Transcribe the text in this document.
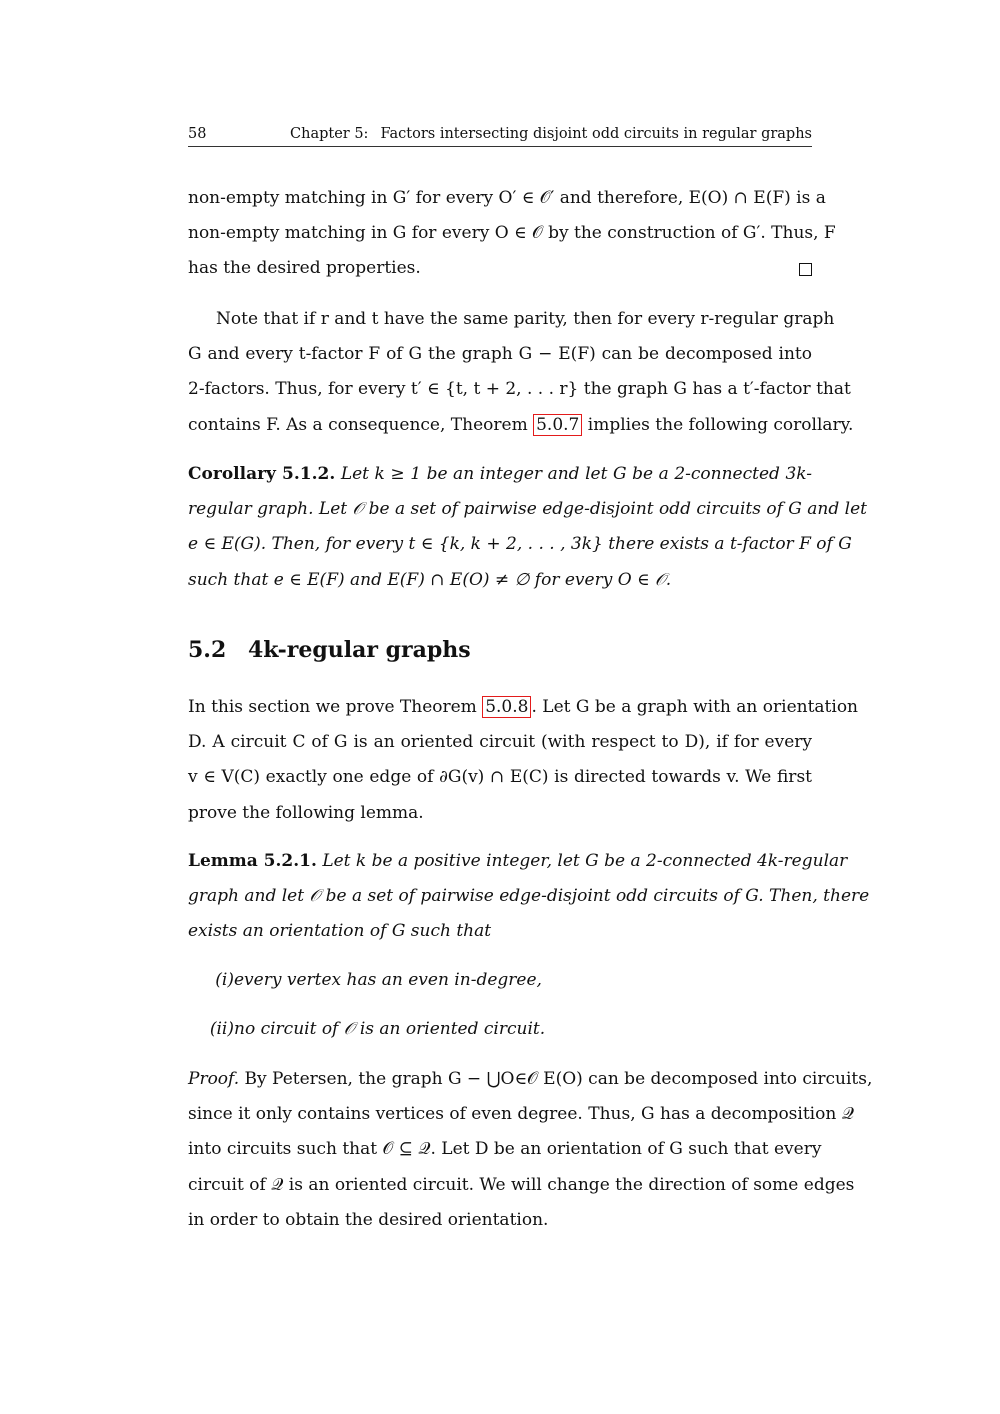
58	Chapter 5: Factors intersecting disjoint odd circuits in regular graphs
non-empty matching in G′ for every O′ ∈ 𝒪′ and therefore, E(O) ∩ E(F) is a
non-empty matching in G for every O ∈ 𝒪 by the construction of G′. Thus, F
has the desired properties.
Note that if r and t have the same parity, then for every r-regular graph
G and every t-factor F of G the graph G − E(F) can be decomposed into
2-factors. Thus, for every t′ ∈ {t, t + 2, . . . r} the graph G has a t′-factor that
contains F. As a consequence, Theorem 5.0.7 implies the following corollary.
Corollary 5.1.2. Let k ≥ 1 be an integer and let G be a 2-connected 3k-
regular graph. Let 𝒪 be a set of pairwise edge-disjoint odd circuits of G and let
e ∈ E(G). Then, for every t ∈ {k, k + 2, . . . , 3k} there exists a t-factor F of G
such that e ∈ E(F) and E(F) ∩ E(O) ≠ ∅ for every O ∈ 𝒪.
5.2 4k-regular graphs
In this section we prove Theorem 5.0.8 . Let G be a graph with an orientation
D. A circuit C of G is an oriented circuit (with respect to D), if for every
v ∈ V(C) exactly one edge of ∂G(v) ∩ E(C) is directed towards v. We first
prove the following lemma.
Lemma 5.2.1. Let k be a positive integer, let G be a 2-connected 4k-regular
graph and let 𝒪 be a set of pairwise edge-disjoint odd circuits of G. Then, there
exists an orientation of G such that
(i) every vertex has an even in-degree,
(ii) no circuit of 𝒪 is an oriented circuit.
Proof. By Petersen, the graph G − ⋃O∈𝒪 E(O) can be decomposed into circuits,
since it only contains vertices of even degree. Thus, G has a decomposition 𝒬
into circuits such that 𝒪 ⊆ 𝒬. Let D be an orientation of G such that every
circuit of 𝒬 is an oriented circuit. We will change the direction of some edges
in order to obtain the desired orientation.
